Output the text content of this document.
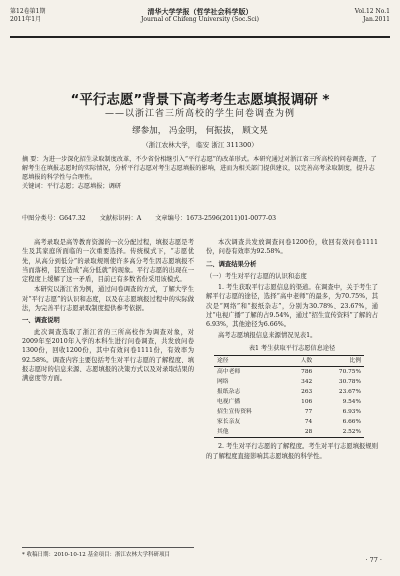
第12卷第1期
2011年1月
清华大学学报（哲学社会科学版）
Journal of Chifeng University (Soc.Sci)
Vol.12 No.1
Jan.2011
“平行志愿”背景下高考考生志愿填报调研 *
——以浙江省三所高校的学生问卷调查为例
缪参加， 冯金明， 何振拔， 顾文晃
（浙江农林大学， 临安 浙江 311300）

摘 要：为进一步深化招生录取制度改革，不少省份相继引入“平行志愿”的改革形式。本研究通过对浙江省三所高校的问卷调查，了解考生在填报志愿时的实际情况，分析平行志愿对考生志愿填报的影响，进而为相关部门提供建议，以完善高考录取制度，提升志愿填报的科学性与合理性。

关键词：平行志愿；志愿填报；调研

中图分类号：G647.32 文献标识码：A 文章编号：1673-2596(2011)01-0077-03

高考录取是高等教育资源的一次分配过程，填报志愿是考生及其家庭所面临的一次重要选择。传统模式下，“志愿优先，从高分到低分”的录取规则使许多高分考生因志愿填报不当而落榜，甚至造成“高分低就”的现象。平行志愿的出现在一定程度上缓解了这一矛盾，目前已有多数省份采用该模式。

本研究以浙江省为例，通过问卷调查的方式，了解大学生对“平行志愿”的认识和态度，以及在志愿填报过程中的实际做法，为完善平行志愿录取制度提供参考依据。

一、调查说明

此次调查选取了浙江省的三所高校作为调查对象，对2009年至2010年入学的本科生进行问卷调查，共发放问卷1300份，回收1200份，其中有效问卷1111份，有效率为92.58%。调查内容主要包括考生对平行志愿的了解程度、填报志愿时的信息来源、志愿填报的决策方式以及对录取结果的满意度等方面。

本次调查共发放调查问卷1200份，收回有效问卷1111份，问卷有效率为92.58%。

二、调查结果分析

（一）考生对平行志愿的认识和态度

1. 考生获取平行志愿信息的渠道。在调查中，关于考生了解平行志愿的途径，选择“高中老师”的最多，为70.75%，其次是“网络”和“报纸杂志”，分别为30.78%、23.67%，通过“电视广播”了解的占9.54%，通过“招生宣传资料”了解的占6.93%，其他途径为6.66%。

高考志愿填报信息来源情况见表1。

表1 考生获取平行志愿信息途径
途径	人数	比例
高中老师	786	70.75%
网络	342	30.78%
报纸杂志	263	23.67%
电视广播	106	9.54%
招生宣传资料	77	6.93%
家长亲友	74	6.66%
其他	28	2.52%

2. 考生对平行志愿的了解程度。考生对平行志愿填报规则的了解程度直接影响其志愿填报的科学性。

* 收稿日期：2010-10-12 基金项目：浙江农林大学科研项目
· 77 ·
